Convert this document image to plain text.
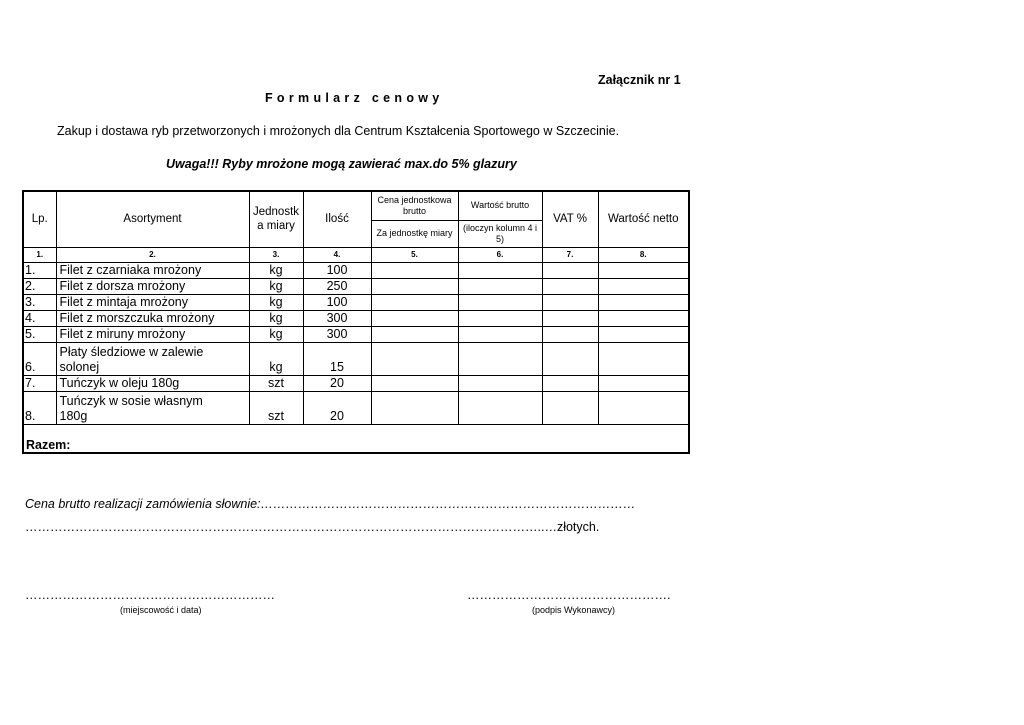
Załącznik nr 1
Formularz cenowy
Zakup i dostawa ryb przetworzonych i mrożonych dla Centrum Kształcenia Sportowego w Szczecinie.
Uwaga!!! Ryby mrożone mogą zawierać max.do 5% glazury
Lp.	Asortyment	Jednostk a miary	Ilość	Cena jednostkowa brutto	Wartość brutto	VAT %	Wartość netto
				Za jednostkę miary	(iloczyn kolumn 4 i 5)		
1.	2.	3.	4.	5.	6.	7.	8.
1.	Filet z czarniaka mrożony	kg	100				
2.	Filet z dorsza mrożony	kg	250				
3.	Filet z mintaja mrożony	kg	100				
4.	Filet z morszczuka mrożony	kg	300				
5.	Filet z miruny mrożony	kg	300				
6.	Płaty śledziowe w zalewie solonej	kg	15				
7.	Tuńczyk w oleju 180g	szt	20				
8.	Tuńczyk w sosie własnym 180g	szt	20				
Razem:							
Cena brutto realizacji zamówienia słownie:………………………………………………………………………………
……………………………………………………………………………………………………………..…złotych.
……………………………………………………	………………………………………….
(miejscowość i data)	(podpis Wykonawcy)
